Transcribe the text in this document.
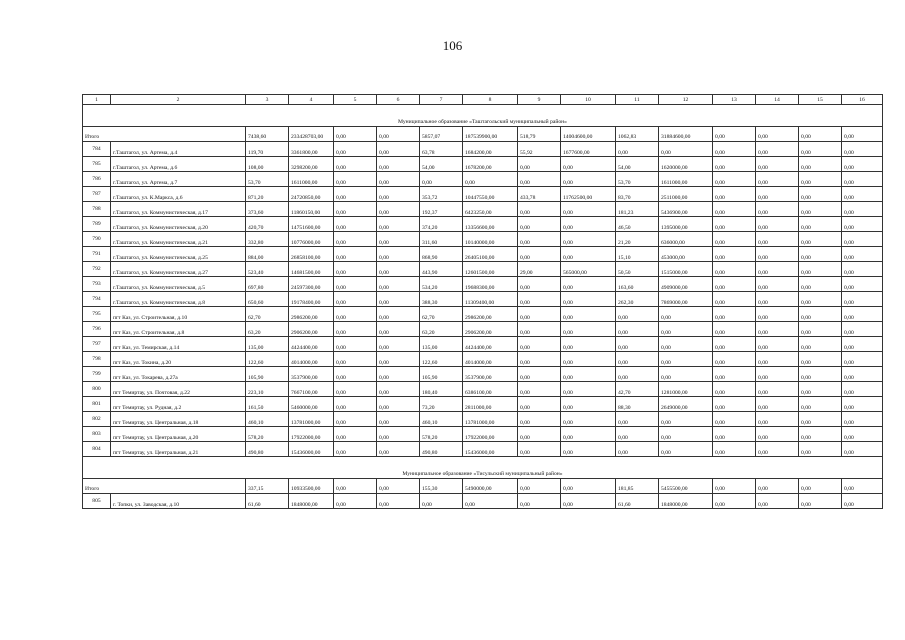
106
1	2	3	4	5	6	7	8	9	10	11	12	13	14	15	16
Муниципальное образование «Таштагольский муниципальный район»															
Итого		7438,60	233428703,00	0,00	0,00	5857,07	187539900,00	518,79	14004600,00	1062,83	31884600,00	0,00	0,00	0,00	0,00
784	г.Таштагол, ул. Артема, д.4	119,70	3361800,00	0,00	0,00	63,78	1684200,00	55,92	1677600,00	0,00	0,00	0,00	0,00	0,00	0,00
785	г.Таштагол, ул. Артема, д.6	108,00	3298200,00	0,00	0,00	54,00	1678200,00	0,00	0,00	54,00	1620000,00	0,00	0,00	0,00	0,00
786	г.Таштагол, ул. Артема, д.7	53,70	1611000,00	0,00	0,00	0,00	0,00	0,00	0,00	53,70	1611000,00	0,00	0,00	0,00	0,00
787	г.Таштагол, ул. К.Маркса, д.6	871,20	24720850,00	0,00	0,00	353,72	10447550,00	433,78	11762500,00	83,70	2511000,00	0,00	0,00	0,00	0,00
788	г.Таштагол, ул. Коммунистическая, д.17	373,60	11860150,00	0,00	0,00	192,37	6423250,00	0,00	0,00	181,23	5436900,00	0,00	0,00	0,00	0,00
789	г.Таштагол, ул. Коммунистическая, д.20	420,70	14751600,00	0,00	0,00	374,20	13356600,00	0,00	0,00	46,50	1395000,00	0,00	0,00	0,00	0,00
790	г.Таштагол, ул. Коммунистическая, д.21	332,80	10776000,00	0,00	0,00	311,60	10140000,00	0,00	0,00	21,20	636000,00	0,00	0,00	0,00	0,00
791	г.Таштагол, ул. Коммунистическая, д.25	884,00	26858100,00	0,00	0,00	868,90	26405100,00	0,00	0,00	15,10	453000,00	0,00	0,00	0,00	0,00
792	г.Таштагол, ул. Коммунистическая, д.27	523,40	14681500,00	0,00	0,00	443,90	12601500,00	29,00	565000,00	50,50	1515000,00	0,00	0,00	0,00	0,00
793	г.Таштагол, ул. Коммунистическая, д.5	697,80	24597300,00	0,00	0,00	534,20	19688300,00	0,00	0,00	163,60	4909000,00	0,00	0,00	0,00	0,00
794	г.Таштагол, ул. Коммунистическая, д.8	650,60	19178400,00	0,00	0,00	388,30	11309400,00	0,00	0,00	262,30	7869000,00	0,00	0,00	0,00	0,00
795	пгт Каз, ул. Строительная, д.10	62,70	2986200,00	0,00	0,00	62,70	2986200,00	0,00	0,00	0,00	0,00	0,00	0,00	0,00	0,00
796	пгт Каз, ул. Строительная, д.8	63,20	2906200,00	0,00	0,00	63,20	2906200,00	0,00	0,00	0,00	0,00	0,00	0,00	0,00	0,00
797	пгт Каз, ул. Темирская, д.14	135,00	4424400,00	0,00	0,00	135,00	4424400,00	0,00	0,00	0,00	0,00	0,00	0,00	0,00	0,00
798	пгт Каз, ул. Токина, д.20	122,60	4014000,00	0,00	0,00	122,60	4014000,00	0,00	0,00	0,00	0,00	0,00	0,00	0,00	0,00
799	пгт Каз, ул. Токарева, д.27а	105,90	3537900,00	0,00	0,00	105,90	3537900,00	0,00	0,00	0,00	0,00	0,00	0,00	0,00	0,00
800	пгт Темиртау, ул. Почтовая, д.22	223,10	7667100,00	0,00	0,00	180,40	6386100,00	0,00	0,00	42,70	1281000,00	0,00	0,00	0,00	0,00
801	пгт Темиртау, ул. Рудная, д.2	161,50	5460000,00	0,00	0,00	73,20	2811000,00	0,00	0,00	88,30	2649000,00	0,00	0,00	0,00	0,00
802	пгт Темиртау, ул. Центральная, д.18	460,10	13781000,00	0,00	0,00	460,10	13781000,00	0,00	0,00	0,00	0,00	0,00	0,00	0,00	0,00
803	пгт Темиртау, ул. Центральная, д.20	578,20	17922000,00	0,00	0,00	578,20	17922000,00	0,00	0,00	0,00	0,00	0,00	0,00	0,00	0,00
804	пгт Темиртау, ул. Центральная, д.21	490,80	15436000,00	0,00	0,00	490,80	15436000,00	0,00	0,00	0,00	0,00	0,00	0,00	0,00	0,00
Муниципальное образование «Тисульский муниципальный район»															
Итого		337,15	10933500,00	0,00	0,00	155,30	5490000,00	0,00	0,00	181,85	5455500,00	0,00	0,00	0,00	0,00
805	г. Топки, ул. Заводская, д.10	61,60	1848000,00	0,00	0,00	0,00	0,00	0,00	0,00	61,60	1848000,00	0,00	0,00	0,00	0,00
